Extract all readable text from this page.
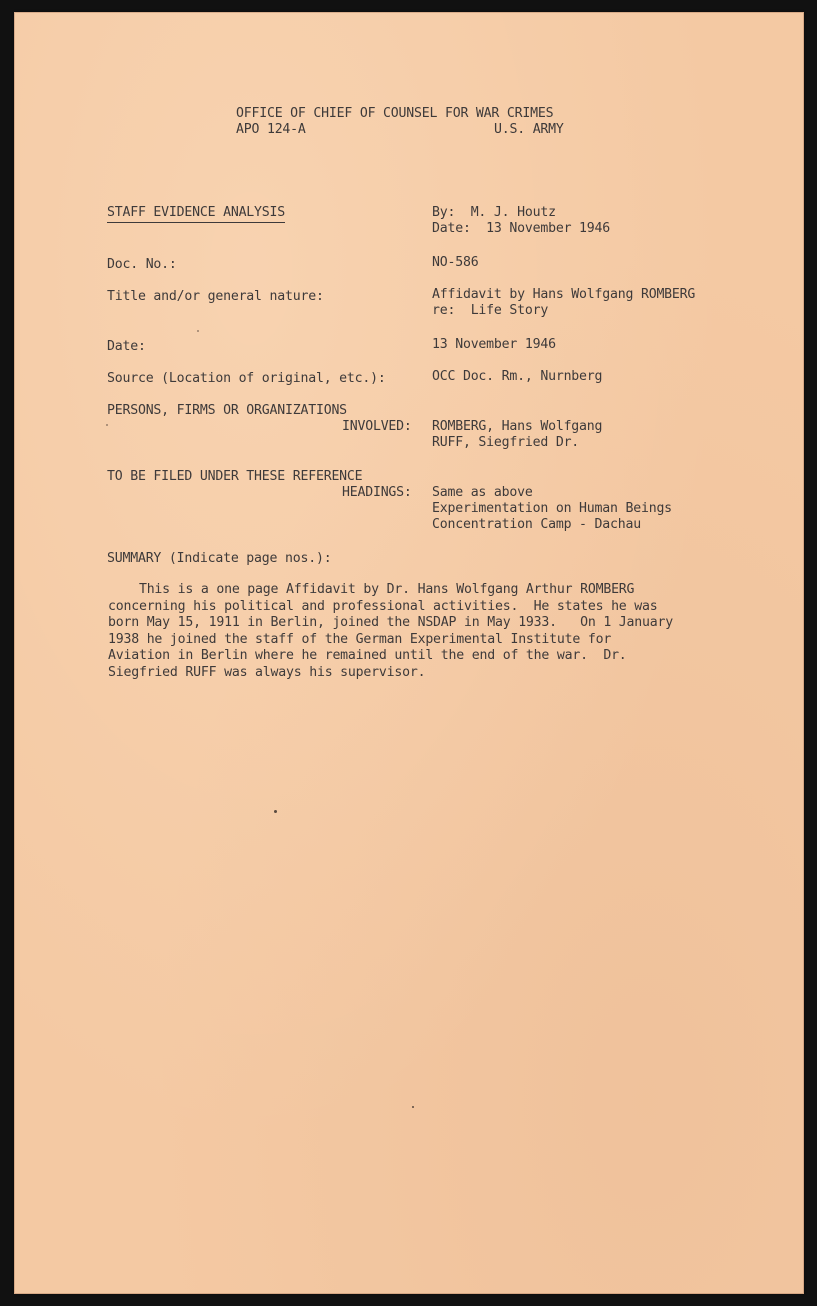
OFFICE OF CHIEF OF COUNSEL FOR WAR CRIMES
APO 124-A	U.S. ARMY
STAFF EVIDENCE ANALYSIS	By:  M. J. Houtz
Date:  13 November 1946
Doc. No.:	NO-586
Title and/or general nature:	Affidavit by Hans Wolfgang ROMBERG
re:  Life Story
Date:	13 November 1946
Source (Location of original, etc.):	OCC Doc. Rm., Nurnberg
PERSONS, FIRMS OR ORGANIZATIONS
INVOLVED: ROMBERG, Hans Wolfgang
RUFF, Siegfried Dr.
TO BE FILED UNDER THESE REFERENCE
HEADINGS: Same as above
Experimentation on Human Beings
Concentration Camp - Dachau
SUMMARY (Indicate page nos.):
This is a one page Affidavit by Dr. Hans Wolfgang Arthur ROMBERG
concerning his political and professional activities.  He states he was
born May 15, 1911 in Berlin, joined the NSDAP in May 1933.   On 1 January
1938 he joined the staff of the German Experimental Institute for
Aviation in Berlin where he remained until the end of the war.  Dr.
Siegfried RUFF was always his supervisor.
